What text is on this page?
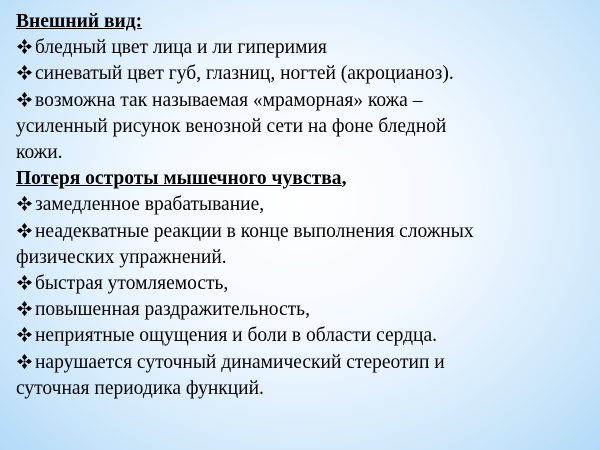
Внешний вид:
бледный цвет лица и ли гиперимия
синеватый цвет губ, глазниц, ногтей (акроцианоз).
возможна так называемая «мраморная» кожа –
усиленный рисунок венозной сети на фоне бледной
кожи.
Потеря остроты мышечного чувства,
замедленное врабатывание,
неадекватные реакции в конце выполнения сложных
физических упражнений.
быстрая утомляемость,
повышенная раздражительность,
неприятные ощущения и боли в области сердца.
нарушается суточный динамический стереотип и
суточная периодика функций.
